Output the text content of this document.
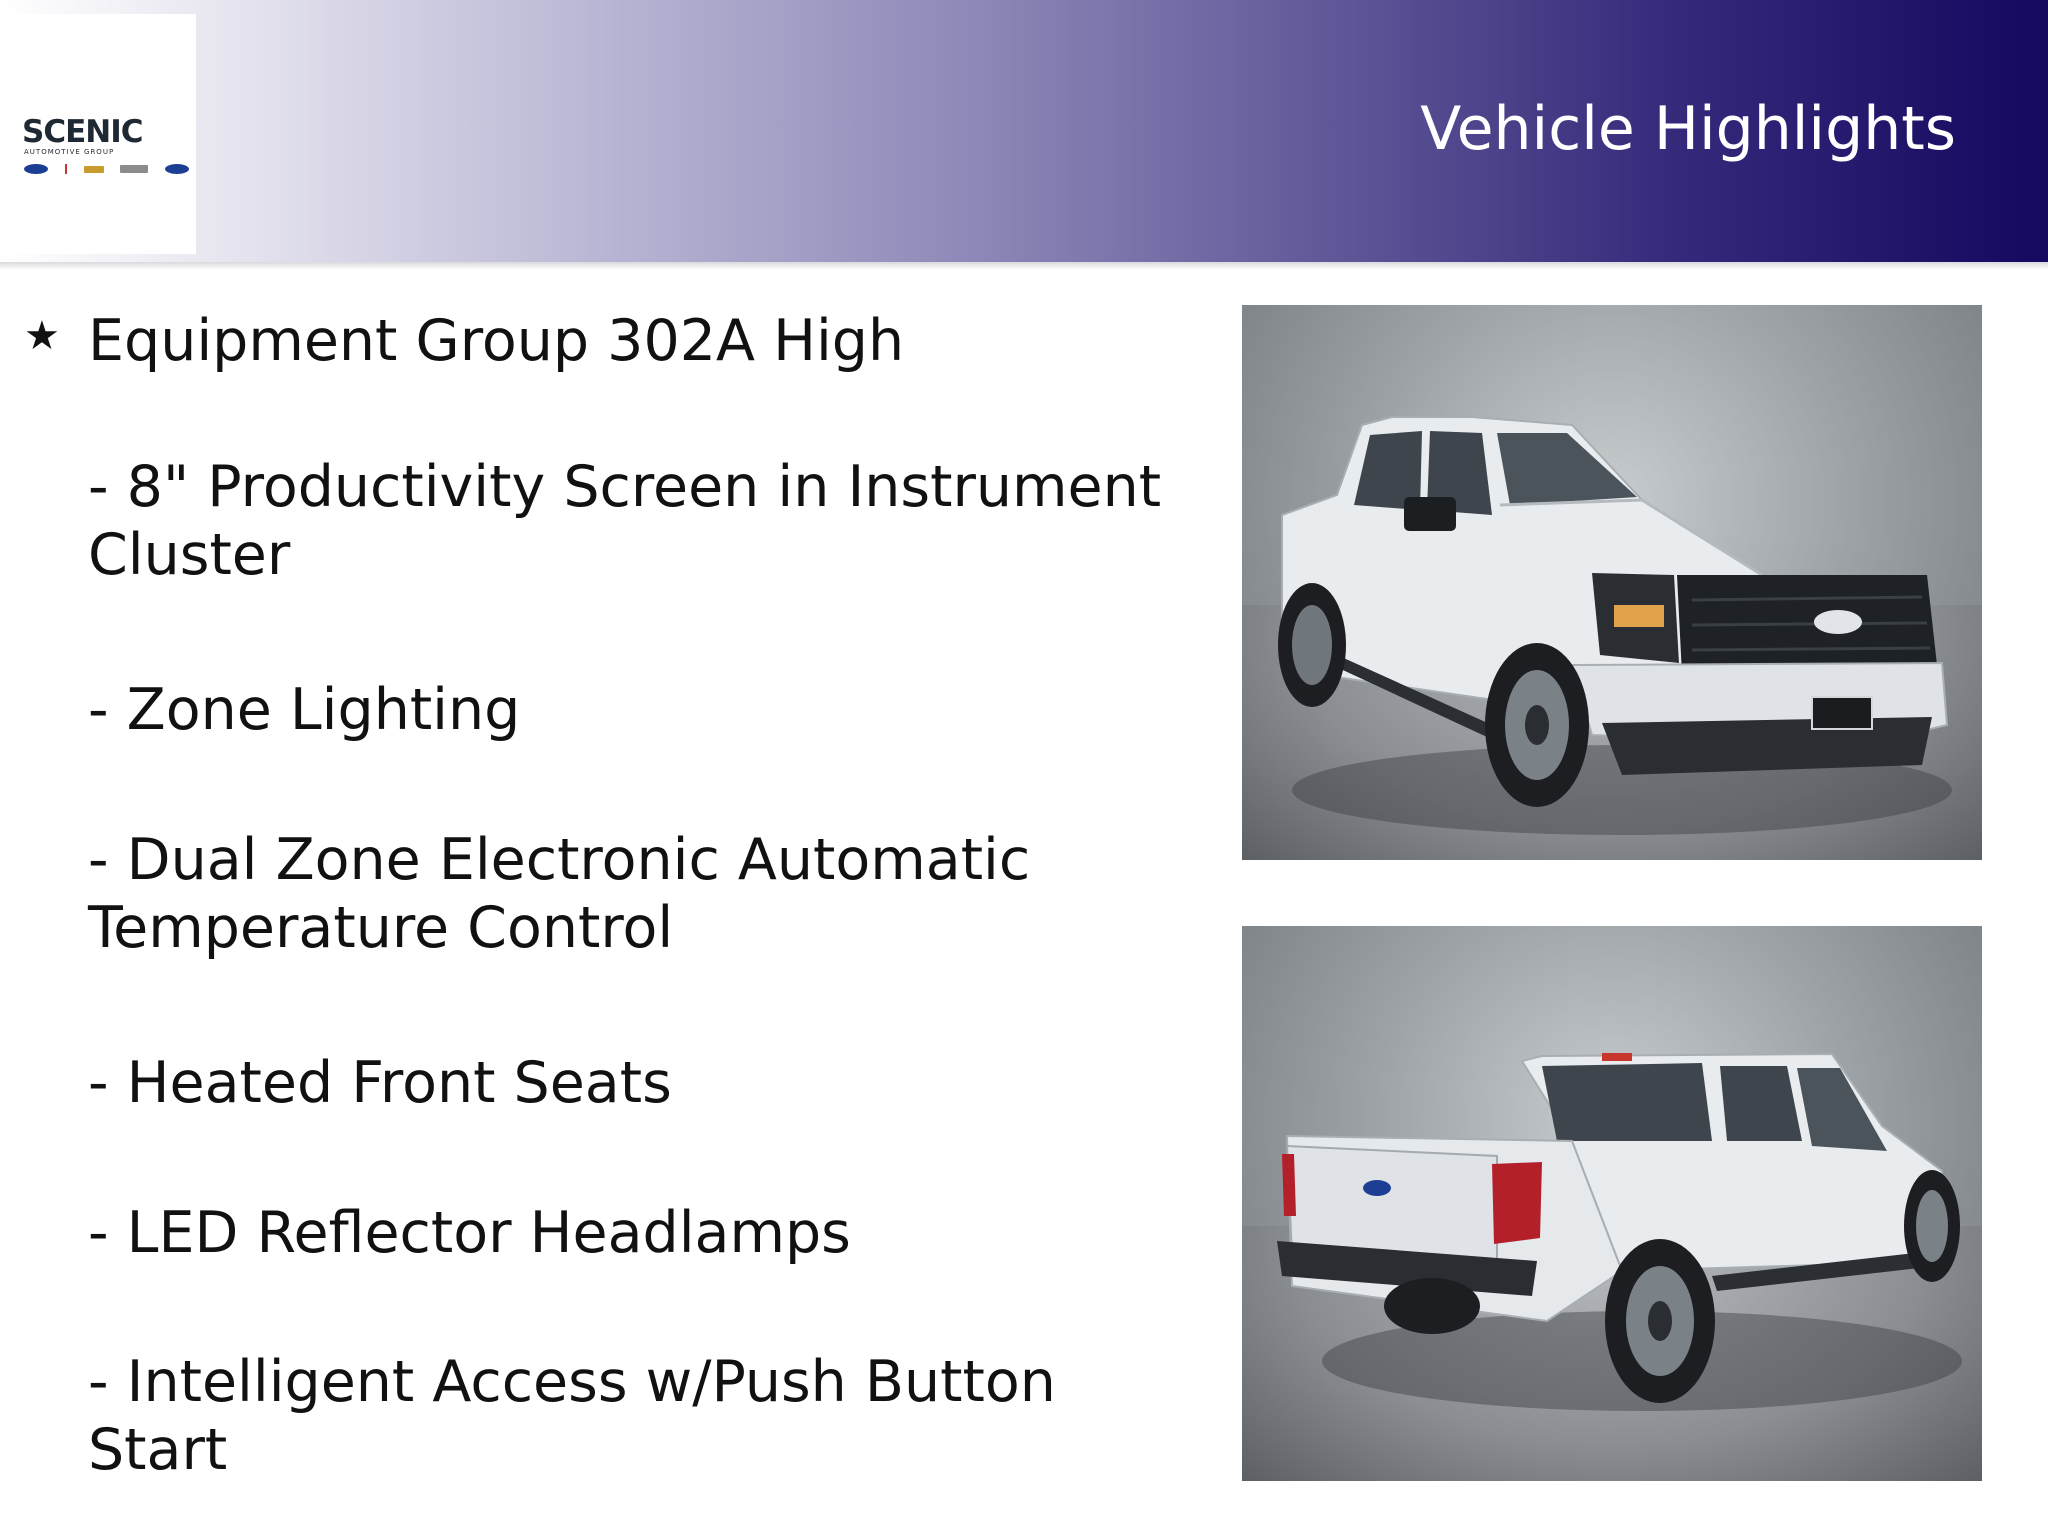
SCENIC
AUTOMOTIVE GROUP	Vehicle Highlights
★ Equipment Group 302A High
- 8" Productivity Screen in Instrument Cluster
- Zone Lighting
- Dual Zone Electronic Automatic Temperature Control
- Heated Front Seats
- LED Reflector Headlamps
- Intelligent Access w/Push Button Start
